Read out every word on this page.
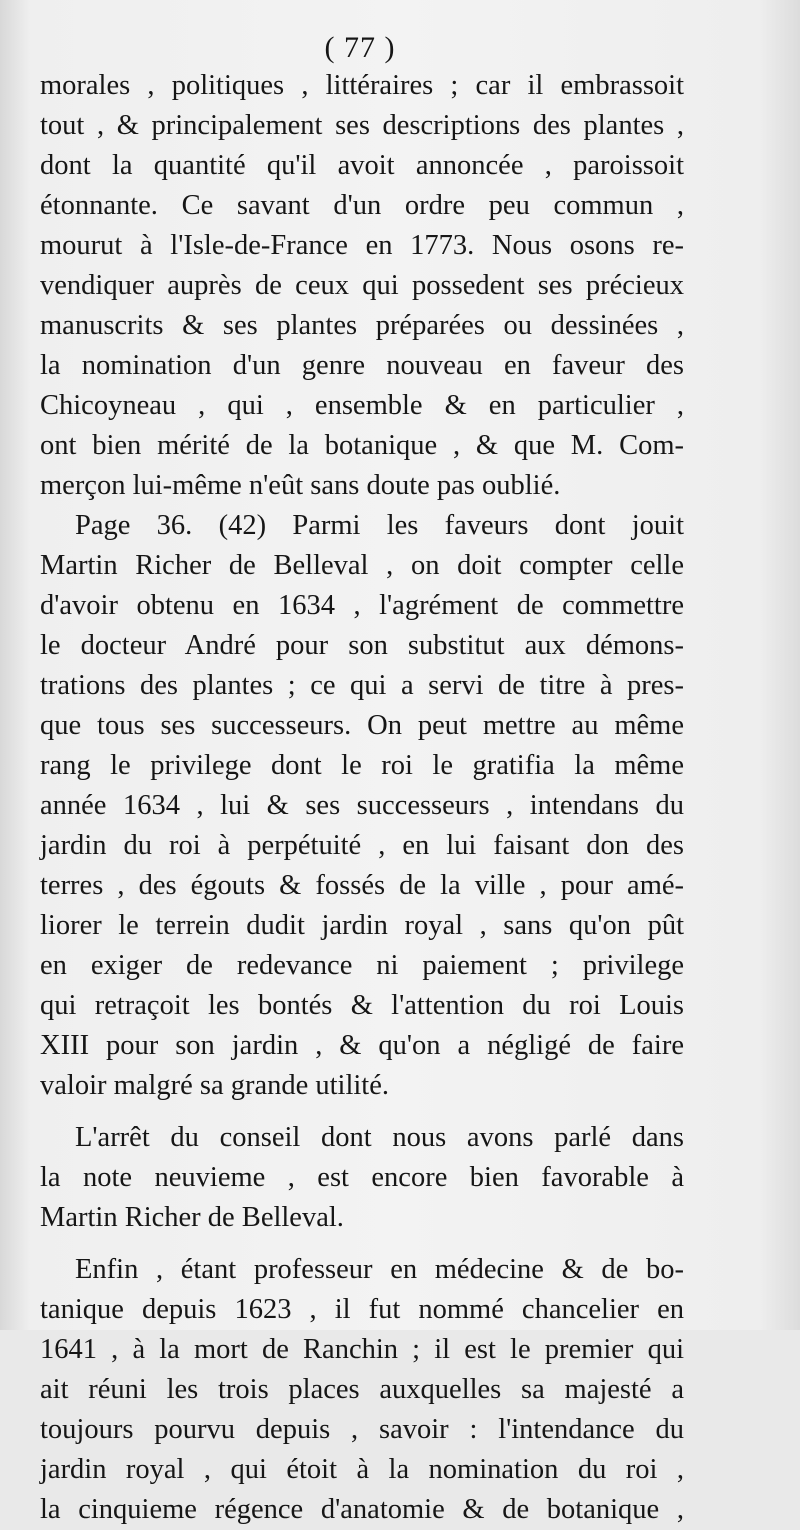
( 77 )
morales , politiques , littéraires ; car il embrassoit
tout , & principalement ses descriptions des plantes ,
dont la quantité qu'il avoit annoncée , paroissoit
étonnante. Ce savant d'un ordre peu commun ,
mourut à l'Isle-de-France en 1773. Nous osons re-
vendiquer auprès de ceux qui possedent ses précieux
manuscrits & ses plantes préparées ou dessinées ,
la nomination d'un genre nouveau en faveur des
Chicoyneau , qui , ensemble & en particulier ,
ont bien mérité de la botanique , & que M. Com-
merçon lui-même n'eût sans doute pas oublié.
Page 36. (42) Parmi les faveurs dont jouit
Martin Richer de Belleval , on doit compter celle
d'avoir obtenu en 1634 , l'agrément de commettre
le docteur André pour son substitut aux démons-
trations des plantes ; ce qui a servi de titre à pres-
que tous ses successeurs. On peut mettre au même
rang le privilege dont le roi le gratifia la même
année 1634 , lui & ses successeurs , intendans du
jardin du roi à perpétuité , en lui faisant don des
terres , des égouts & fossés de la ville , pour amé-
liorer le terrein dudit jardin royal , sans qu'on pût
en exiger de redevance ni paiement ; privilege
qui retraçoit les bontés & l'attention du roi Louis
XIII pour son jardin , & qu'on a négligé de faire
valoir malgré sa grande utilité.
L'arrêt du conseil dont nous avons parlé dans
la note neuvieme , est encore bien favorable à
Martin Richer de Belleval.
Enfin , étant professeur en médecine & de bo-
tanique depuis 1623 , il fut nommé chancelier en
1641 , à la mort de Ranchin ; il est le premier qui
ait réuni les trois places auxquelles sa majesté a
toujours pourvu depuis , savoir : l'intendance du
jardin royal , qui étoit à la nomination du roi ,
la cinquieme régence d'anatomie & de botanique ,
